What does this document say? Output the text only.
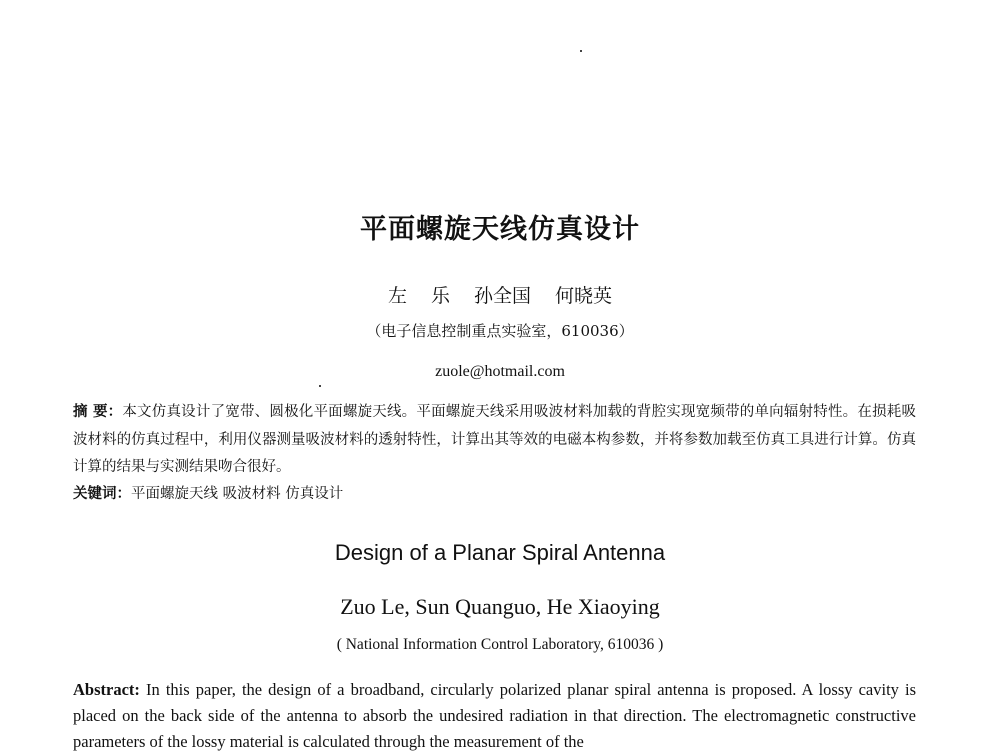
平面螺旋天线仿真设计
左 乐 孙全国 何晓英
（电子信息控制重点实验室，610036）
zuole@hotmail.com
摘 要：本文仿真设计了宽带、圆极化平面螺旋天线。平面螺旋天线采用吸波材料加载的背腔实现宽频带的单向辐射特性。在损耗吸波材料的仿真过程中，利用仪器测量吸波材料的透射特性，计算出其等效的电磁本构参数，并将参数加载至仿真工具进行计算。仿真计算的结果与实测结果吻合很好。
关键词：平面螺旋天线 吸波材料 仿真设计
Design of a Planar Spiral Antenna
Zuo Le, Sun Quanguo, He Xiaoying
( National Information Control Laboratory, 610036 )
Abstract: In this paper, the design of a broadband, circularly polarized planar spiral antenna is proposed. A lossy cavity is placed on the back side of the antenna to absorb the undesired radiation in that direction. The electromagnetic constructive parameters of the lossy material is calculated through the measurement of the
